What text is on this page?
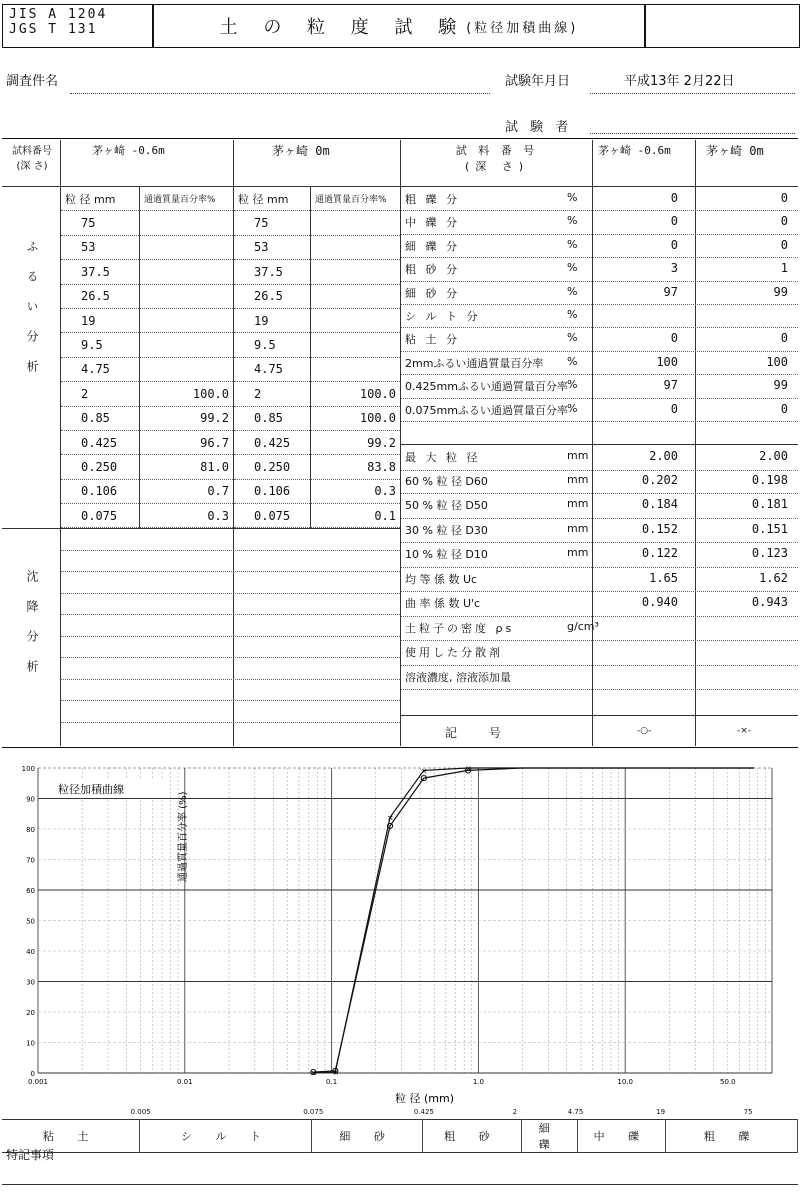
JIS A 1204
JGS T 131	土 の 粒 度 試 験 (粒径加積曲線)
調査件名	試験年月日	平成13年 2月22日
試 験 者
試料番号
(深 さ)
茅ヶ崎 -0.6m	茅ヶ崎 0m
ふるい分析
沈降分析
粒 径 mm	通過質量百分率%	粒 径 mm	通過質量百分率%
75		75	
53		53	
37.5		37.5	
26.5		26.5	
19		19	
9.5		9.5	
4.75		4.75	
2	100.0	2	100.0
0.85	99.2	0.85	100.0
0.425	96.7	0.425	99.2
0.250	81.0	0.250	83.8
0.106	0.7	0.106	0.3
0.075	0.3	0.075	0.1
試 料 番 号
(深 さ)
茅ヶ崎 -0.6m	茅ヶ崎 0m
粗 礫 分	%	0	0
中 礫 分	%	0	0
細 礫 分	%	0	0
粗 砂 分	%	3	1
細 砂 分	%	97	99
シ ル ト 分	%
粘 土 分	%	0	0
2mmふるい通過質量百分率 %	100	100
0.425mmふるい通過質量百分率 %	97	99
0.075mmふるい通過質量百分率 %	0	0
最 大 粒 径	mm	2.00	2.00
60 % 粒 径 D60	mm	0.202	0.198
50 % 粒 径 D50	mm	0.184	0.181
30 % 粒 径 D30	mm	0.152	0.151
10 % 粒 径 D10	mm	0.122	0.123
均 等 係 数 Uc	1.65	1.62
曲 率 係 数 U'c	0.940	0.943
土粒子の密度 ρs	g/cm³
使用した分散剤
溶液濃度, 溶液添加量
記 号	-○-	-×-
0
10
20
30
40
50
60
70
80
90
100
0.001	0.01	0.1	1.0	10.0	50.0
× ×
×
×	×
粒径加積曲線
通過質量百分率 (%)
粒 径 (mm)
0.005	0.075	0.425	2	4.75	19	75
粘 土	シ ル ト	細 砂	粗 砂	細 礫	中 礫	粗 礫
特記事項
